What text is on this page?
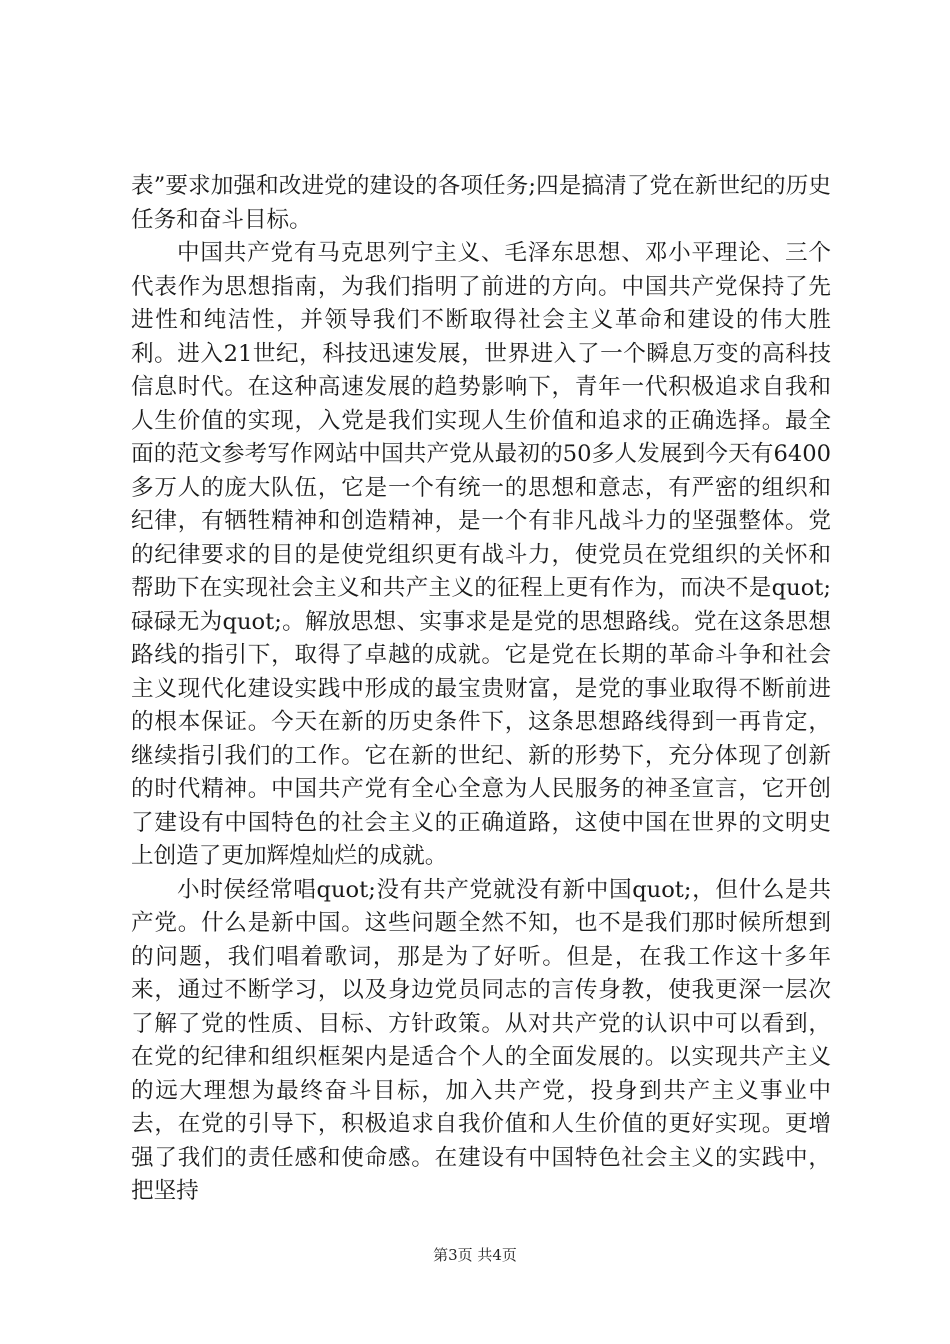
表”要求加强和改进党的建设的各项任务;四是搞清了党在新世纪的历史任务和奋斗目标。

中国共产党有马克思列宁主义、毛泽东思想、邓小平理论、三个代表作为思想指南，为我们指明了前进的方向。中国共产党保持了先进性和纯洁性，并领导我们不断取得社会主义革命和建设的伟大胜利。进入21世纪，科技迅速发展，世界进入了一个瞬息万变的高科技信息时代。在这种高速发展的趋势影响下，青年一代积极追求自我和人生价值的实现，入党是我们实现人生价值和追求的正确选择。最全面的范文参考写作网站中国共产党从最初的50多人发展到今天有6400多万人的庞大队伍，它是一个有统一的思想和意志，有严密的组织和纪律，有牺牲精神和创造精神，是一个有非凡战斗力的坚强整体。党的纪律要求的目的是使党组织更有战斗力，使党员在党组织的关怀和帮助下在实现社会主义和共产主义的征程上更有作为，而决不是quot;碌碌无为quot;。解放思想、实事求是是党的思想路线。党在这条思想路线的指引下，取得了卓越的成就。它是党在长期的革命斗争和社会主义现代化建设实践中形成的最宝贵财富，是党的事业取得不断前进的根本保证。今天在新的历史条件下，这条思想路线得到一再肯定，继续指引我们的工作。它在新的世纪、新的形势下，充分体现了创新的时代精神。中国共产党有全心全意为人民服务的神圣宣言，它开创了建设有中国特色的社会主义的正确道路，这使中国在世界的文明史上创造了更加辉煌灿烂的成就。

小时侯经常唱quot;没有共产党就没有新中国quot;，但什么是共产党。什么是新中国。这些问题全然不知，也不是我们那时候所想到的问题，我们唱着歌词，那是为了好听。但是，在我工作这十多年来，通过不断学习，以及身边党员同志的言传身教，使我更深一层次了解了党的性质、目标、方针政策。从对共产党的认识中可以看到，在党的纪律和组织框架内是适合个人的全面发展的。以实现共产主义的远大理想为最终奋斗目标，加入共产党，投身到共产主义事业中去，在党的引导下，积极追求自我价值和人生价值的更好实现。更增强了我们的责任感和使命感。在建设有中国特色社会主义的实践中，把坚持

第3页 共4页
